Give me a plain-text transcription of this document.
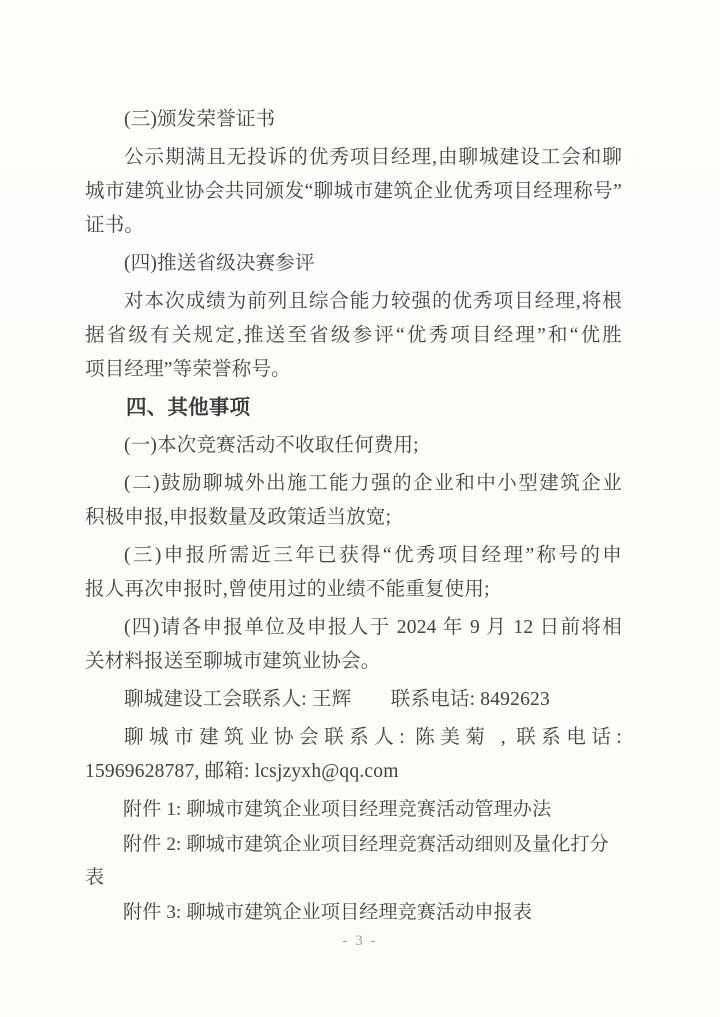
(三)颁发荣誉证书
公示期满且无投诉的优秀项目经理,由聊城建设工会和聊
城市建筑业协会共同颁发“聊城市建筑企业优秀项目经理称号”
证书。
(四)推送省级决赛参评
对本次成绩为前列且综合能力较强的优秀项目经理,将根
据省级有关规定,推送至省级参评“优秀项目经理”和“优胜
项目经理”等荣誉称号。
四、其他事项
(一)本次竞赛活动不收取任何费用;
(二)鼓励聊城外出施工能力强的企业和中小型建筑企业
积极申报,申报数量及政策适当放宽;
(三)申报所需近三年已获得“优秀项目经理”称号的申
报人再次申报时,曾使用过的业绩不能重复使用;
(四)请各申报单位及申报人于 2024 年 9 月 12 日前将相
关材料报送至聊城市建筑业协会。
聊城建设工会联系人: 王辉　　联系电话: 8492623
聊城市建筑业协会联系人: 陈美菊 , 联系电话:
15969628787, 邮箱: lcsjzyxh@qq.com
附件 1: 聊城市建筑企业项目经理竞赛活动管理办法
附件 2: 聊城市建筑企业项目经理竞赛活动细则及量化打分表
附件 3: 聊城市建筑企业项目经理竞赛活动申报表
- 3 -
